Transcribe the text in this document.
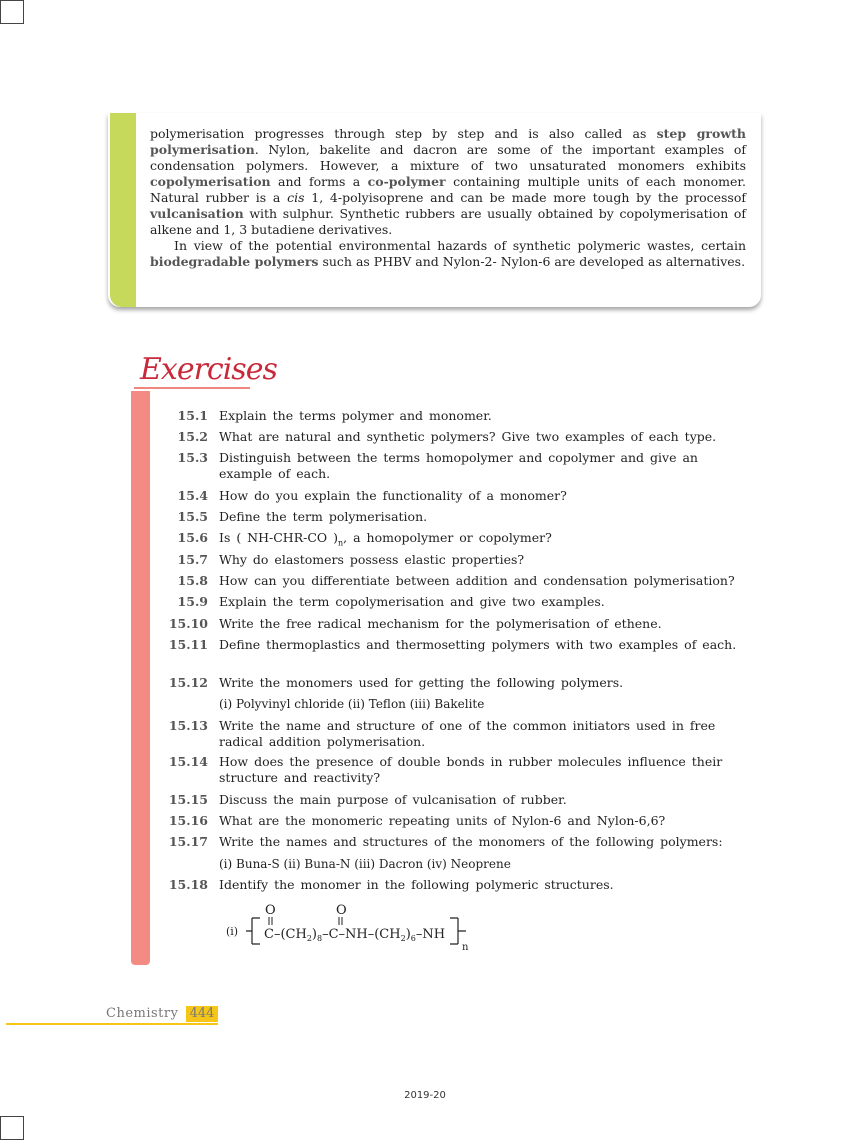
polymerisation progresses through step by step and is also called as step growth polymerisation. Nylon, bakelite and dacron are some of the important examples of condensation polymers. However, a mixture of two unsaturated monomers exhibits copolymerisation and forms a co-polymer containing multiple units of each monomer. Natural rubber is a cis 1, 4-polyisoprene and can be made more tough by the processof vulcanisation with sulphur. Synthetic rubbers are usually obtained by copolymerisation of alkene and 1, 3 butadiene derivatives.

In view of the potential environmental hazards of synthetic polymeric wastes, certain biodegradable polymers such as PHBV and Nylon-2- Nylon-6 are developed as alternatives.

Exercises
15.1 Explain the terms polymer and monomer.
15.2 What are natural and synthetic polymers? Give two examples of each type.
15.3 Distinguish between the terms homopolymer and copolymer and give an example of each.
15.4 How do you explain the functionality of a monomer?
15.5 Define the term polymerisation.
15.6 Is ( NH-CHR-CO )$_n$, a homopolymer or copolymer?
15.7 Why do elastomers possess elastic properties?
15.8 How can you differentiate between addition and condensation polymerisation?
15.9 Explain the term copolymerisation and give two examples.
15.10 Write the free radical mechanism for the polymerisation of ethene.
15.11 Define thermoplastics and thermosetting polymers with two examples of each.
15.12 Write the monomers used for getting the following polymers.
(i) Polyvinyl chloride (ii) Teflon (iii) Bakelite
15.13 Write the name and structure of one of the common initiators used in free radical addition polymerisation.
15.14 How does the presence of double bonds in rubber molecules influence their structure and reactivity?
15.15 Discuss the main purpose of vulcanisation of rubber.
15.16 What are the monomeric repeating units of Nylon-6 and Nylon-6,6?
15.17 Write the names and structures of the monomers of the following polymers:
(i) Buna-S (ii) Buna-N (iii) Dacron (iv) Neoprene
15.18 Identify the monomer in the following polymeric structures.
(i)
O	O
$C-(CH_2)_8-C-NH-(CH_2)_6-NH$
n
Chemistry 444
2019-20
